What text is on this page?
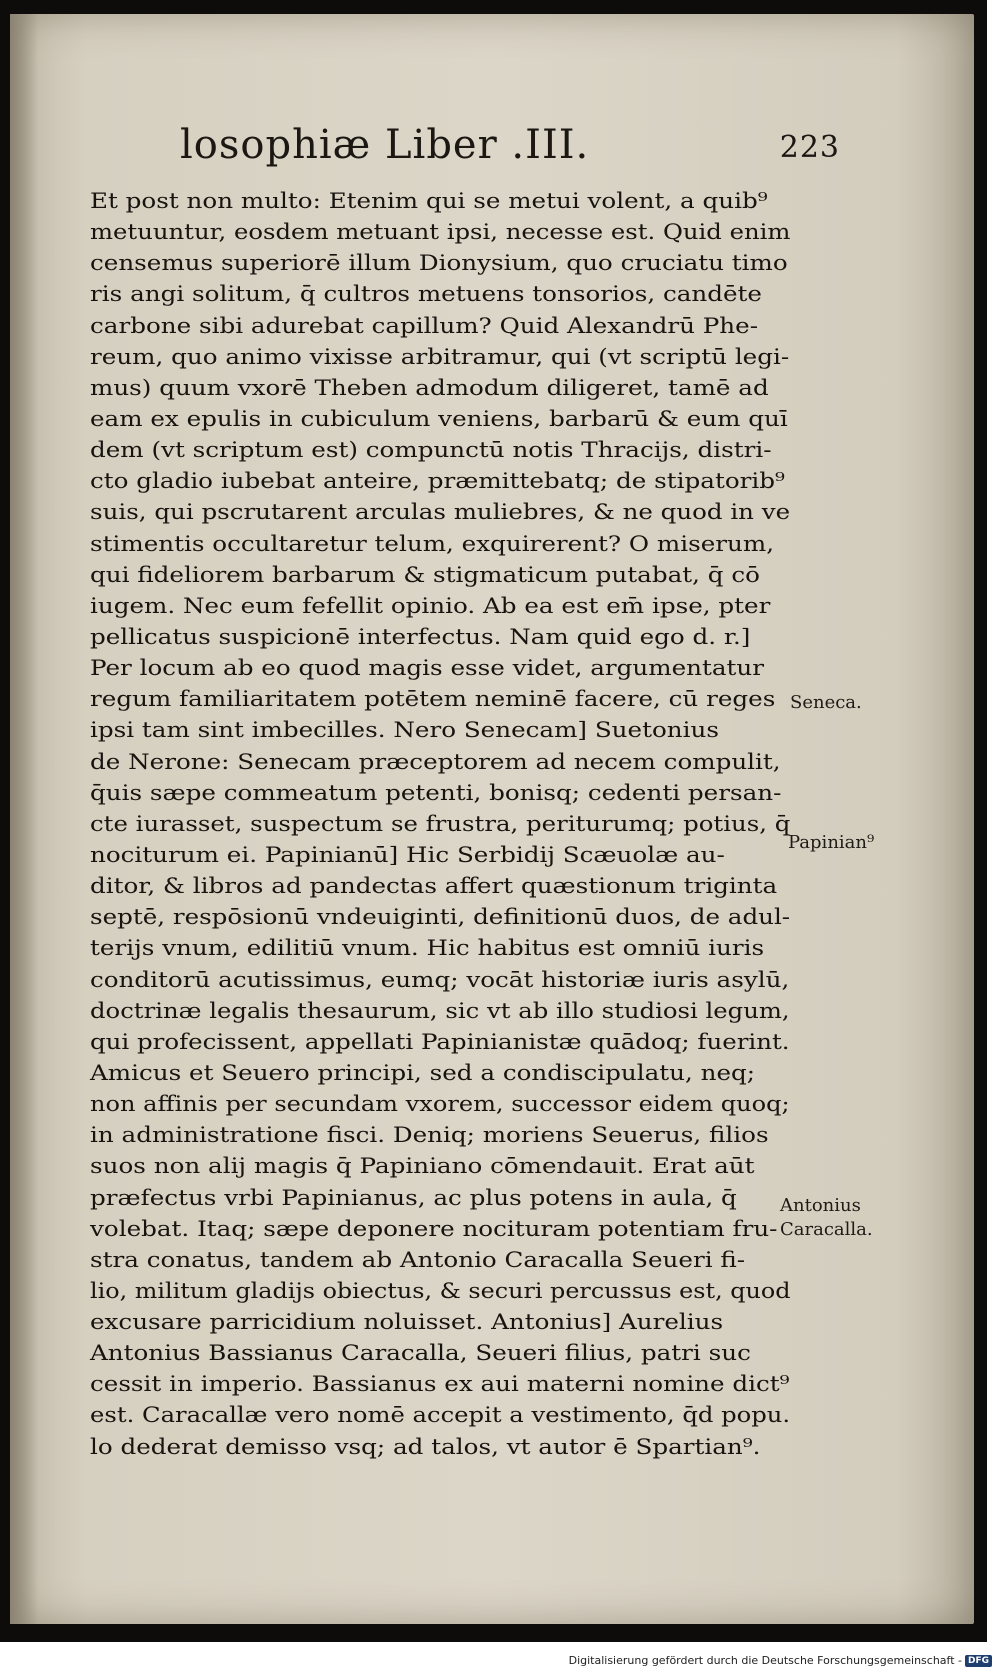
losophiæ Liber .III.	223
Et post non multo: Etenim qui se metui volent, a quib⁹
metuuntur, eosdem metuant ipsi, necesse est. Quid enim
censemus superiorē illum Dionysium, quo cruciatu timo
ris angi solitum, q̄ cultros metuens tonsorios, candēte
carbone sibi adurebat capillum? Quid Alexandrū Phe-
reum, quo animo vixisse arbitramur, qui (vt scriptū legi-
mus) quum vxorē Theben admodum diligeret, tamē ad
eam ex epulis in cubiculum veniens, barbarū & eum quī
dem (vt scriptum est) compunctū notis Thracijs, distri-
cto gladio iubebat anteire, præmittebatq; de stipatorib⁹
suis, qui pscrutarent arculas muliebres, & ne quod in ve
stimentis occultaretur telum, exquirerent? O miserum,
qui fideliorem barbarum & stigmaticum putabat, q̄ cō
iugem. Nec eum fefellit opinio. Ab ea est em̄ ipse, pter
pellicatus suspicionē interfectus. Nam quid ego d. r.]
Per locum ab eo quod magis esse videt, argumentatur
regum familiaritatem potētem neminē facere, cū reges
ipsi tam sint imbecilles. Nero Senecam] Suetonius
de Nerone: Senecam præceptorem ad necem compulit,
q̄uis sæpe commeatum petenti, bonisq; cedenti persan-
cte iurasset, suspectum se frustra, periturumq; potius, q̄
nociturum ei. Papinianū] Hic Serbidij Scæuolæ au-
ditor, & libros ad pandectas affert quæstionum triginta
septē, respōsionū vndeuiginti, definitionū duos, de adul-
terijs vnum, edilitiū vnum. Hic habitus est omniū iuris
conditorū acutissimus, eumq; vocāt historiæ iuris asylū,
doctrinæ legalis thesaurum, sic vt ab illo studiosi legum,
qui profecissent, appellati Papinianistæ quādoq; fuerint.
Amicus et Seuero principi, sed a condiscipulatu, neq;
non affinis per secundam vxorem, successor eidem quoq;
in administratione fisci. Deniq; moriens Seuerus, filios
suos non alij magis q̄ Papiniano cōmendauit. Erat aūt
præfectus vrbi Papinianus, ac plus potens in aula, q̄
volebat. Itaq; sæpe deponere nocituram potentiam fru-
stra conatus, tandem ab Antonio Caracalla Seueri fi-
lio, militum gladijs obiectus, & securi percussus est, quod
excusare parricidium noluisset. Antonius] Aurelius
Antonius Bassianus Caracalla, Seueri filius, patri suc
cessit in imperio. Bassianus ex aui materni nomine dict⁹
est. Caracallæ vero nomē accepit a vestimento, q̄d popu.
lo dederat demisso vsq; ad talos, vt autor ē Spartian⁹.
Seneca.
Papinian⁹
Antonius
Caracalla.
Digitalisierung gefördert durch die Deutsche Forschungsgemeinschaft - DFG
